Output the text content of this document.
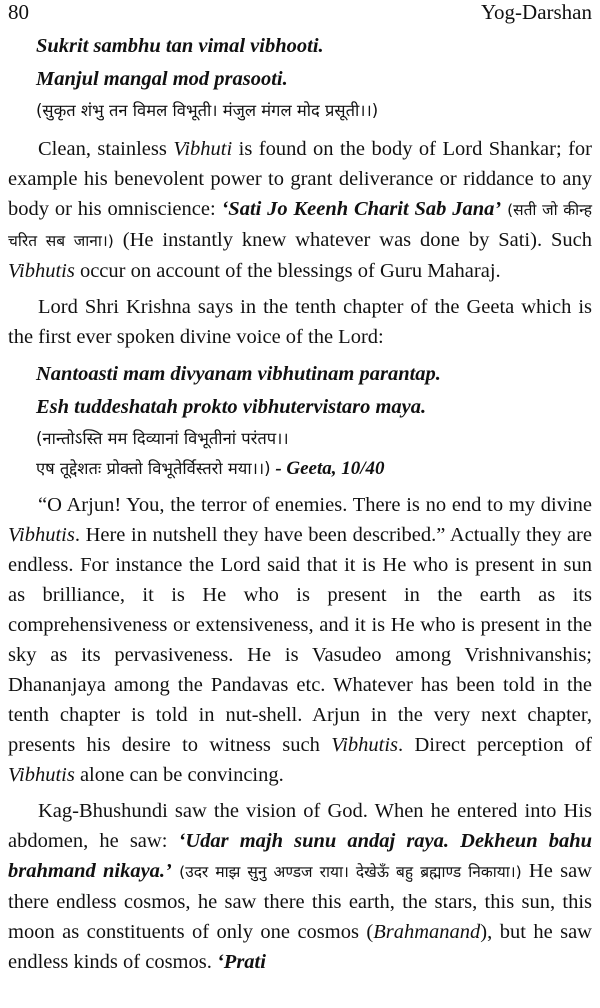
80	Yog-Darshan
Sukrit sambhu tan vimal vibhooti.
Manjul mangal mod prasooti.
(सुकृत शंभु तन विमल विभूती। मंजुल मंगल मोद प्रसूती।।)

Clean, stainless Vibhuti is found on the body of Lord Shankar; for example his benevolent power to grant deliverance or riddance to any body or his omniscience: ‘Sati Jo Keenh Charit Sab Jana’ (सती जो कीन्ह चरित सब जाना।) (He instantly knew whatever was done by Sati). Such Vibhutis occur on account of the blessings of Guru Maharaj.

Lord Shri Krishna says in the tenth chapter of the Geeta which is the first ever spoken divine voice of the Lord:

Nantoasti mam divyanam vibhutinam parantap.
Esh tuddeshatah prokto vibhutervistaro maya.
(नान्तोऽस्ति मम दिव्यानां विभूतीनां परंतप।।
एष तूद्देशतः प्रोक्तो विभूतेर्विस्तरो मया।।) - Geeta, 10/40

“O Arjun! You, the terror of enemies. There is no end to my divine Vibhutis. Here in nutshell they have been described.” Actually they are endless. For instance the Lord said that it is He who is present in sun as brilliance, it is He who is present in the earth as its comprehensiveness or extensiveness, and it is He who is present in the sky as its pervasiveness. He is Vasudeo among Vrishnivanshis; Dhananjaya among the Pandavas etc. Whatever has been told in the tenth chapter is told in nut-shell. Arjun in the very next chapter, presents his desire to witness such Vibhutis. Direct perception of Vibhutis alone can be convincing.

Kag-Bhushundi saw the vision of God. When he entered into His abdomen, he saw: ‘Udar majh sunu andaj raya. Dekheun bahu brahmand nikaya.’ (उदर माझ सुनु अण्डज राया। देखेऊँ बहु ब्रह्माण्ड निकाया।) He saw there endless cosmos, he saw there this earth, the stars, this sun, this moon as constituents of only one cosmos (Brahmanand), but he saw endless kinds of cosmos. ‘Prati
